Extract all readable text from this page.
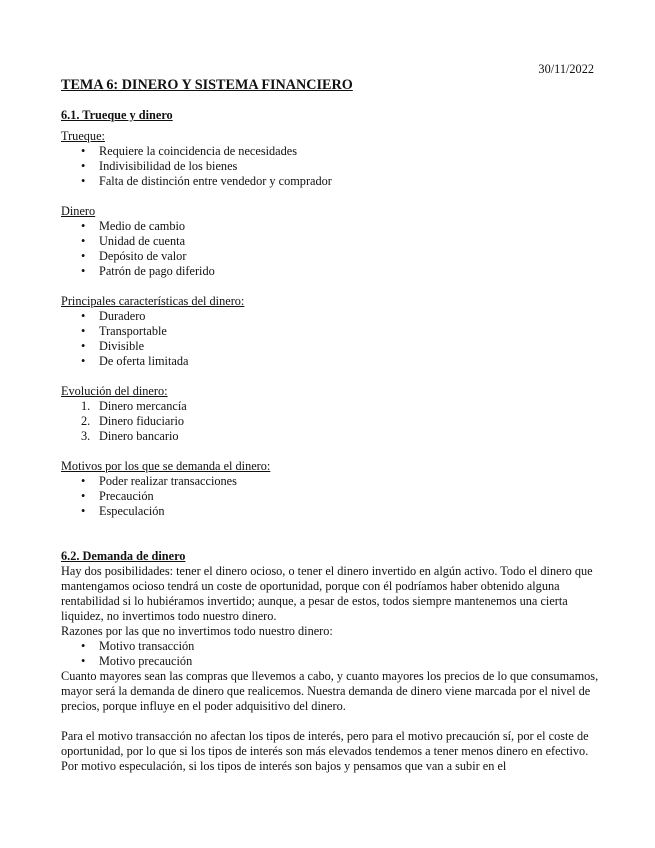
30/11/2022
TEMA 6: DINERO Y SISTEMA FINANCIERO
6.1. Trueque y dinero

Trueque:

• Requiere la coincidencia de necesidades
• Indivisibilidad de los bienes
• Falta de distinción entre vendedor y comprador

Dinero

• Medio de cambio
• Unidad de cuenta
• Depósito de valor
• Patrón de pago diferido

Principales características del dinero:

• Duradero
• Transportable
• Divisible
• De oferta limitada

Evolución del dinero:

1. Dinero mercancía
2. Dinero fiduciario
3. Dinero bancario

Motivos por los que se demanda el dinero:

• Poder realizar transacciones
• Precaución
• Especulación
6.2. Demanda de dinero

Hay dos posibilidades: tener el dinero ocioso, o tener el dinero invertido en algún activo. Todo el dinero que mantengamos ocioso tendrá un coste de oportunidad, porque con él podríamos haber obtenido alguna rentabilidad si lo hubiéramos invertido; aunque, a pesar de estos, todos siempre mantenemos una cierta liquidez, no invertimos todo nuestro dinero.

Razones por las que no invertimos todo nuestro dinero:

• Motivo transacción
• Motivo precaución

Cuanto mayores sean las compras que llevemos a cabo, y cuanto mayores los precios de lo que consumamos, mayor será la demanda de dinero que realicemos. Nuestra demanda de dinero viene marcada por el nivel de precios, porque influye en el poder adquisitivo del dinero.

Para el motivo transacción no afectan los tipos de interés, pero para el motivo precaución sí, por el coste de oportunidad, por lo que si los tipos de interés son más elevados tendemos a tener menos dinero en efectivo. Por motivo especulación, si los tipos de interés son bajos y pensamos que van a subir en el
